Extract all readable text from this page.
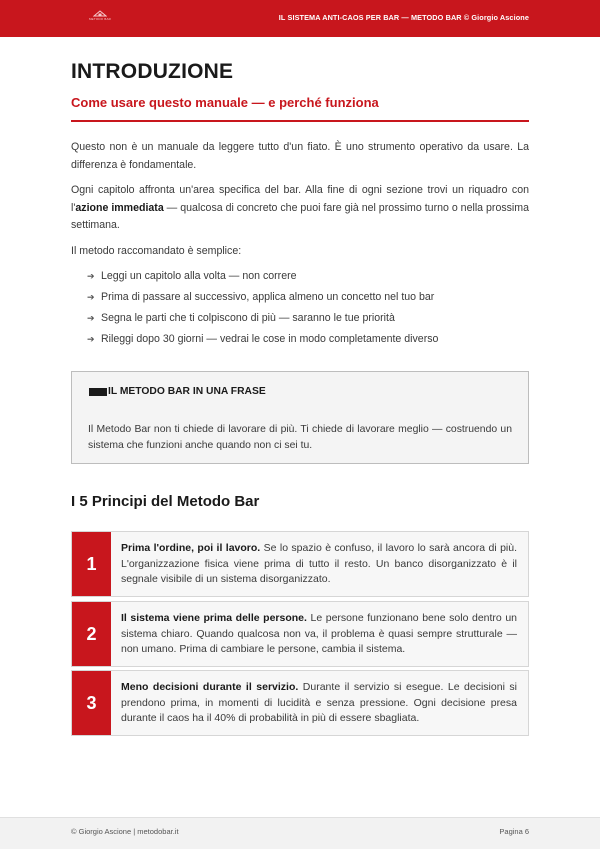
METODO BAR	IL SISTEMA ANTI-CAOS PER BAR — METODO BAR © Giorgio Ascione
INTRODUZIONE
Come usare questo manuale — e perché funziona

Questo non è un manuale da leggere tutto d'un fiato. È uno strumento operativo da usare. La differenza è fondamentale.

Ogni capitolo affronta un'area specifica del bar. Alla fine di ogni sezione trovi un riquadro con l'azione immediata — qualcosa di concreto che puoi fare già nel prossimo turno o nella prossima settimana.

Il metodo raccomandato è semplice:

➔ Leggi un capitolo alla volta — non correre
➔ Prima di passare al successivo, applica almeno un concetto nel tuo bar
➔ Segna le parti che ti colpiscono di più — saranno le tue priorità
➔ Rileggi dopo 30 giorni — vedrai le cose in modo completamente diverso
IL METODO BAR IN UNA FRASE

Il Metodo Bar non ti chiede di lavorare di più. Ti chiede di lavorare meglio — costruendo un sistema che funzioni anche quando non ci sei tu.

I 5 Principi del Metodo Bar
1

Prima l'ordine, poi il lavoro. Se lo spazio è confuso, il lavoro lo sarà ancora di più. L'organizzazione fisica viene prima di tutto il resto. Un banco disorganizzato è il segnale visibile di un sistema disorganizzato.

2

Il sistema viene prima delle persone. Le persone funzionano bene solo dentro un sistema chiaro. Quando qualcosa non va, il problema è quasi sempre strutturale — non umano. Prima di cambiare le persone, cambia il sistema.

3

Meno decisioni durante il servizio. Durante il servizio si esegue. Le decisioni si prendono prima, in momenti di lucidità e senza pressione. Ogni decisione presa durante il caos ha il 40% di probabilità in più di essere sbagliata.

© Giorgio Ascione | metodobar.it	Pagina 6
